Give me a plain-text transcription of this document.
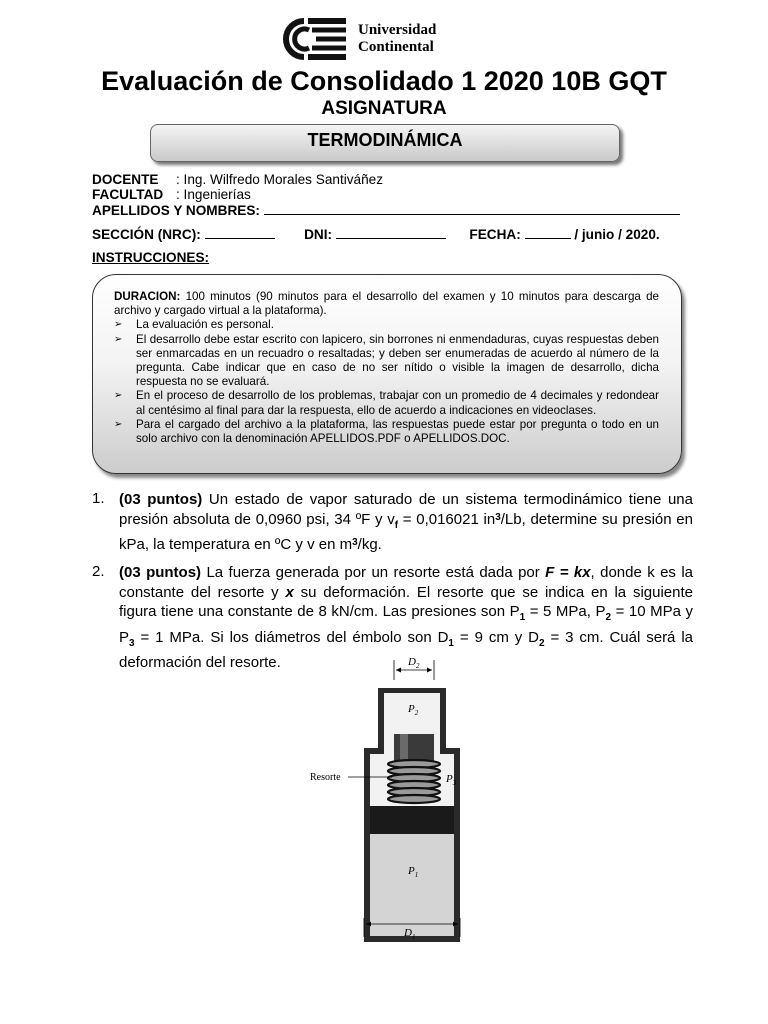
Universidad
Continental
Evaluación de Consolidado 1 2020 10B GQT
ASIGNATURA
TERMODINÁMICA
DOCENTE : Ing. Wilfredo Morales Santiváñez
FACULTAD : Ingenierías
APELLIDOS Y NOMBRES:
SECCIÓN (NRC):	DNI:	FECHA:	/ junio / 2020.
INSTRUCCIONES:
DURACION: 100 minutos (90 minutos para el desarrollo del examen y 10 minutos para descarga de archivo y cargado virtual a la plataforma).
➢ La evaluación es personal.
➢ El desarrollo debe estar escrito con lapicero, sin borrones ni enmendaduras, cuyas respuestas deben ser enmarcadas en un recuadro o resaltadas; y deben ser enumeradas de acuerdo al número de la pregunta. Cabe indicar que en caso de no ser nítido o visible la imagen de desarrollo, dicha respuesta no se evaluará.
➢ En el proceso de desarrollo de los problemas, trabajar con un promedio de 4 decimales y redondear al centésimo al final para dar la respuesta, ello de acuerdo a indicaciones en videoclases.
➢ Para el cargado del archivo a la plataforma, las respuestas puede estar por pregunta o todo en un solo archivo con la denominación APELLIDOS.PDF o APELLIDOS.DOC.
1. (03 puntos) Un estado de vapor saturado de un sistema termodinámico tiene una presión absoluta de 0,0960 psi, 34 ºF y $v_f = 0,016021$ $in^3/Lb$, determine su presión en kPa, la temperatura en ºC y v en $m^3/kg$.
2. (03 puntos) La fuerza generada por un resorte está dada por F = kx, donde k es la constante del resorte y x su deformación. El resorte que se indica en la siguiente figura tiene una constante de 8 kN/cm. Las presiones son $P_1 = 5$ MPa, $P_2 = 10$ MPa y $P_3 = 1$ MPa. Si los diámetros del émbolo son $D_1 = 9$ cm y $D_2 = 3$ cm. Cuál será la deformación del resorte.	$D_2$
$P_2$
$P_3$
$P_1$
Resorte
$D_1$
